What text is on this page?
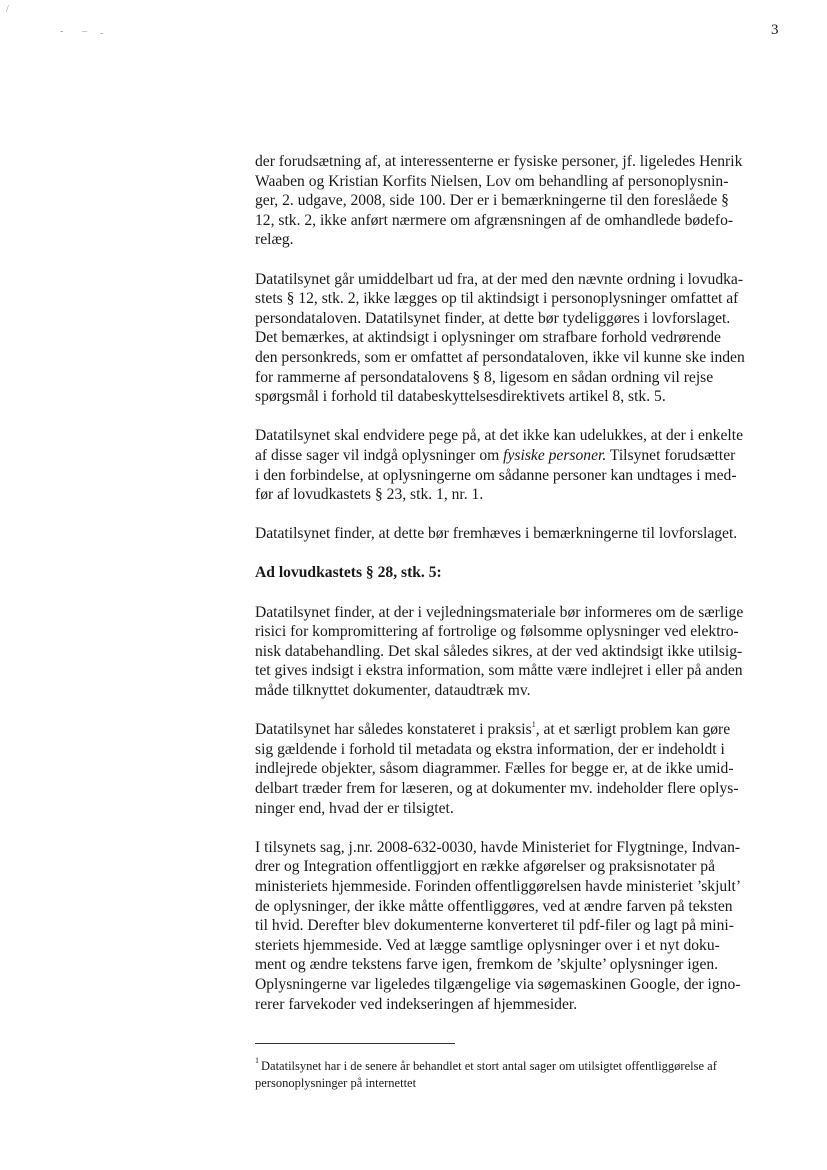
3
/
- – -

der forudsætning af, at interessenterne er fysiske personer, jf. ligeledes Henrik
Waaben og Kristian Korfits Nielsen, Lov om behandling af personoplysnin-
ger, 2. udgave, 2008, side 100. Der er i bemærkningerne til den foreslåede §
12, stk. 2, ikke anført nærmere om afgrænsningen af de omhandlede bødefo-
relæg.

Datatilsynet går umiddelbart ud fra, at der med den nævnte ordning i lovudka-
stets § 12, stk. 2, ikke lægges op til aktindsigt i personoplysninger omfattet af
persondataloven. Datatilsynet finder, at dette bør tydeliggøres i lovforslaget.
Det bemærkes, at aktindsigt i oplysninger om strafbare forhold vedrørende
den personkreds, som er omfattet af persondataloven, ikke vil kunne ske inden
for rammerne af persondatalovens § 8, ligesom en sådan ordning vil rejse
spørgsmål i forhold til databeskyttelsesdirektivets artikel 8, stk. 5.

Datatilsynet skal endvidere pege på, at det ikke kan udelukkes, at der i enkelte
af disse sager vil indgå oplysninger om fysiske personer. Tilsynet forudsætter
i den forbindelse, at oplysningerne om sådanne personer kan undtages i med-
før af lovudkastets § 23, stk. 1, nr. 1.

Datatilsynet finder, at dette bør fremhæves i bemærkningerne til lovforslaget.

Ad lovudkastets § 28, stk. 5:

Datatilsynet finder, at der i vejledningsmateriale bør informeres om de særlige
risici for kompromittering af fortrolige og følsomme oplysninger ved elektro-
nisk databehandling. Det skal således sikres, at der ved aktindsigt ikke utilsig-
tet gives indsigt i ekstra information, som måtte være indlejret i eller på anden
måde tilknyttet dokumenter, dataudtræk mv.

Datatilsynet har således konstateret i praksis$^1$, at et særligt problem kan gøre
sig gældende i forhold til metadata og ekstra information, der er indeholdt i
indlejrede objekter, såsom diagrammer. Fælles for begge er, at de ikke umid-
delbart træder frem for læseren, og at dokumenter mv. indeholder flere oplys-
ninger end, hvad der er tilsigtet.

I tilsynets sag, j.nr. 2008-632-0030, havde Ministeriet for Flygtninge, Indvan-
drer og Integration offentliggjort en række afgørelser og praksisnotater på
ministeriets hjemmeside. Forinden offentliggørelsen havde ministeriet ’skjult’
de oplysninger, der ikke måtte offentliggøres, ved at ændre farven på teksten
til hvid. Derefter blev dokumenterne konverteret til pdf-filer og lagt på mini-
steriets hjemmeside. Ved at lægge samtlige oplysninger over i et nyt doku-
ment og ændre tekstens farve igen, fremkom de ’skjulte’ oplysninger igen.
Oplysningerne var ligeledes tilgængelige via søgemaskinen Google, der igno-
rerer farvekoder ved indekseringen af hjemmesider.

1 Datatilsynet har i de senere år behandlet et stort antal sager om utilsigtet offentliggørelse af
personoplysninger på internettet
